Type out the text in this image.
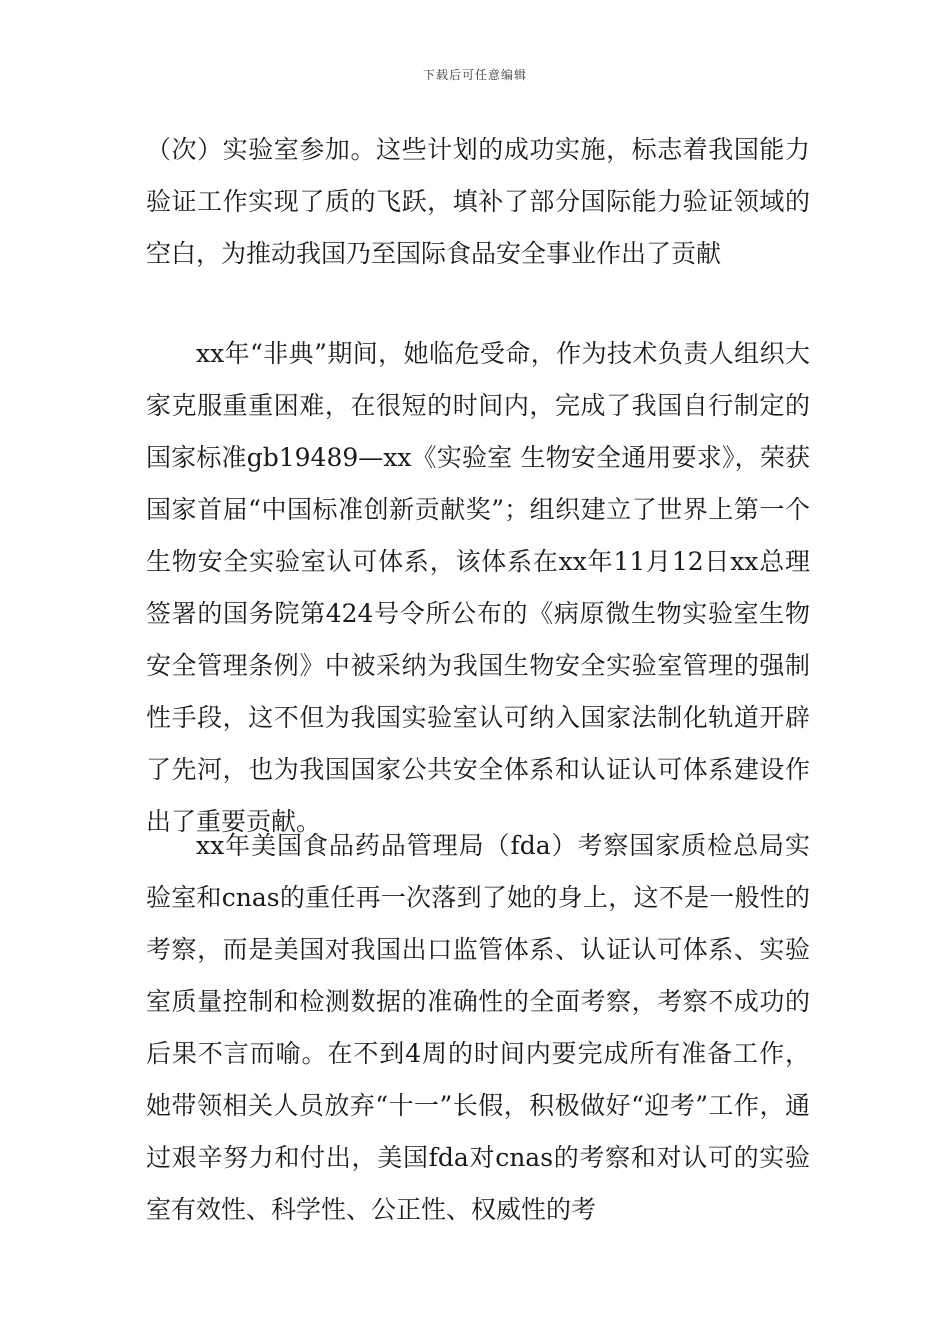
下载后可任意编辑

（次）实验室参加。这些计划的成功实施，标志着我国能力验证工作实现了质的飞跃，填补了部分国际能力验证领域的空白，为推动我国乃至国际食品安全事业作出了贡献

xx年“非典”期间，她临危受命，作为技术负责人组织大家克服重重困难，在很短的时间内，完成了我国自行制定的国家标准gb19489—xx《实验室 生物安全通用要求》，荣获国家首届“中国标准创新贡献奖”；组织建立了世界上第一个生物安全实验室认可体系，该体系在xx年11月12日xx总理签署的国务院第424号令所公布的《病原微生物实验室生物安全管理条例》中被采纳为我国生物安全实验室管理的强制性手段，这不但为我国实验室认可纳入国家法制化轨道开辟了先河，也为我国国家公共安全体系和认证认可体系建设作出了重要贡献。

xx年美国食品药品管理局（fda）考察国家质检总局实验室和cnas的重任再一次落到了她的身上，这不是一般性的考察，而是美国对我国出口监管体系、认证认可体系、实验室质量控制和检测数据的准确性的全面考察，考察不成功的后果不言而喻。在不到4周的时间内要完成所有准备工作，她带领相关人员放弃“十一”长假，积极做好“迎考”工作，通过艰辛努力和付出，美国fda对cnas的考察和对认可的实验室有效性、科学性、公正性、权威性的考
